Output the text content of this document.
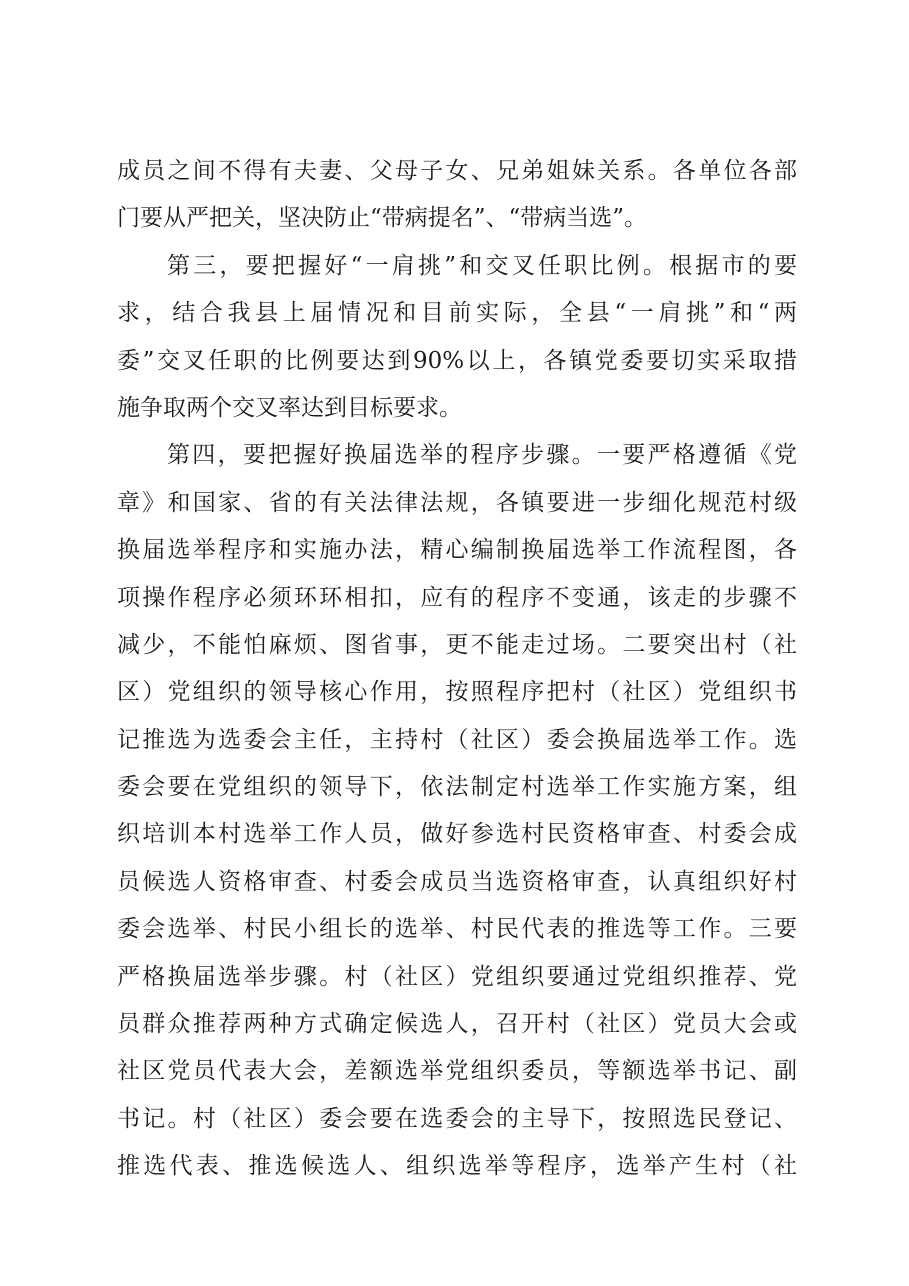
成员之间不得有夫妻、父母子女、兄弟姐妹关系。各单位各部
门要从严把关，坚决防止“带病提名”、“带病当选”。
第三，要把握好“一肩挑”和交叉任职比例。根据市的要
求，结合我县上届情况和目前实际，全县“一肩挑”和“两
委”交叉任职的比例要达到90%以上，各镇党委要切实采取措
施争取两个交叉率达到目标要求。
第四，要把握好换届选举的程序步骤。一要严格遵循《党
章》和国家、省的有关法律法规，各镇要进一步细化规范村级
换届选举程序和实施办法，精心编制换届选举工作流程图，各
项操作程序必须环环相扣，应有的程序不变通，该走的步骤不
减少，不能怕麻烦、图省事，更不能走过场。二要突出村（社
区）党组织的领导核心作用，按照程序把村（社区）党组织书
记推选为选委会主任，主持村（社区）委会换届选举工作。选
委会要在党组织的领导下，依法制定村选举工作实施方案，组
织培训本村选举工作人员，做好参选村民资格审查、村委会成
员候选人资格审查、村委会成员当选资格审查，认真组织好村
委会选举、村民小组长的选举、村民代表的推选等工作。三要
严格换届选举步骤。村（社区）党组织要通过党组织推荐、党
员群众推荐两种方式确定候选人，召开村（社区）党员大会或
社区党员代表大会，差额选举党组织委员，等额选举书记、副
书记。村（社区）委会要在选委会的主导下，按照选民登记、
推选代表、推选候选人、组织选举等程序，选举产生村（社
